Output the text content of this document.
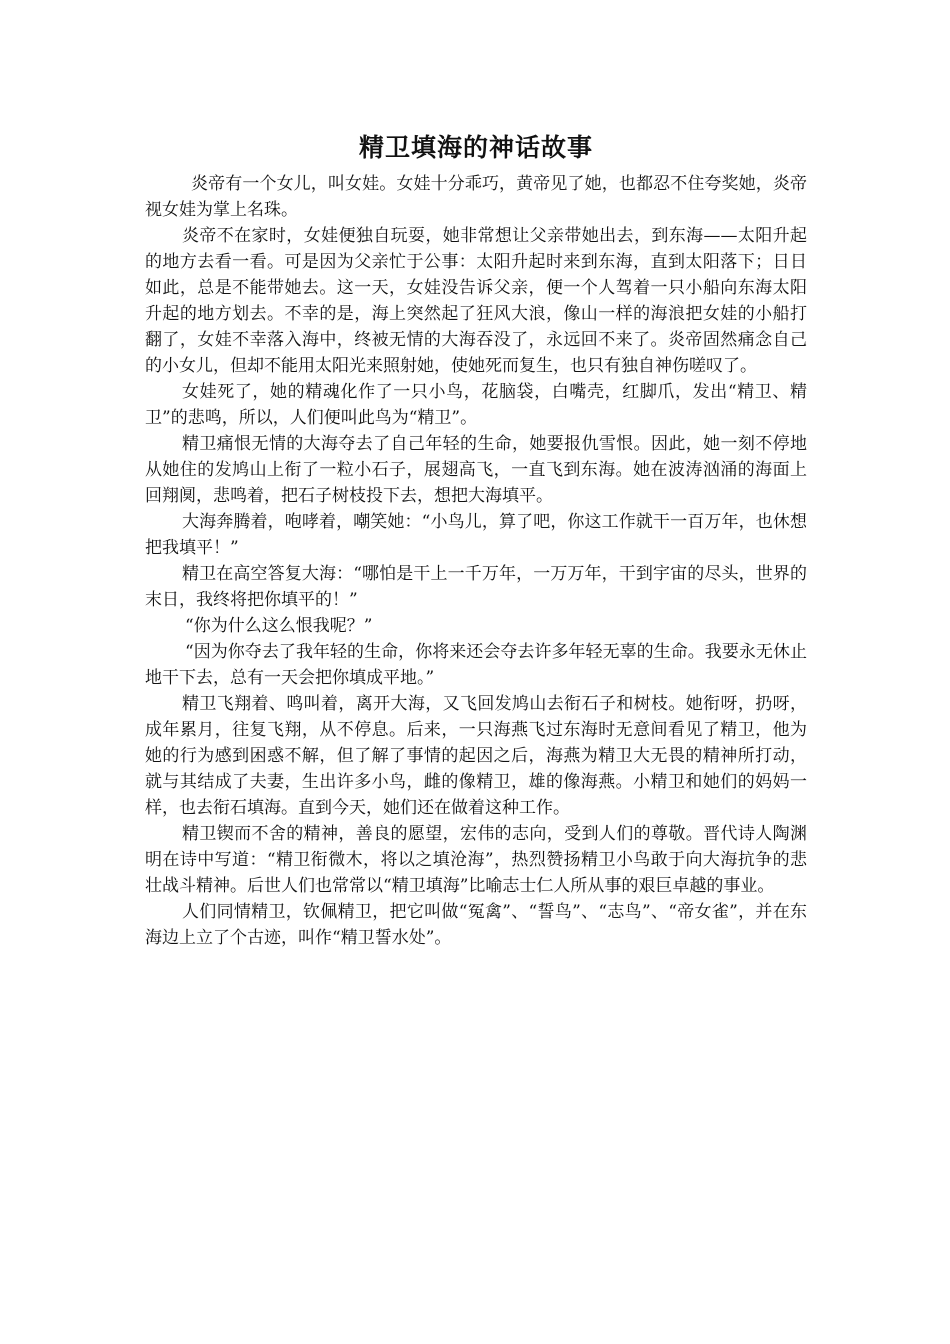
精卫填海的神话故事

炎帝有一个女儿，叫女娃。女娃十分乖巧，黄帝见了她，也都忍不住夸奖她，炎帝视女娃为掌上名珠。

炎帝不在家时，女娃便独自玩耍，她非常想让父亲带她出去，到东海——太阳升起的地方去看一看。可是因为父亲忙于公事：太阳升起时来到东海，直到太阳落下；日日如此，总是不能带她去。这一天，女娃没告诉父亲，便一个人驾着一只小船向东海太阳升起的地方划去。不幸的是，海上突然起了狂风大浪，像山一样的海浪把女娃的小船打翻了，女娃不幸落入海中，终被无情的大海吞没了，永远回不来了。炎帝固然痛念自己的小女儿，但却不能用太阳光来照射她，使她死而复生，也只有独自神伤嗟叹了。

女娃死了，她的精魂化作了一只小鸟，花脑袋，白嘴壳，红脚爪，发出“精卫、精卫”的悲鸣，所以，人们便叫此鸟为“精卫”。

精卫痛恨无情的大海夺去了自己年轻的生命，她要报仇雪恨。因此，她一刻不停地从她住的发鸠山上衔了一粒小石子，展翅高飞，一直飞到东海。她在波涛汹涌的海面上回翔阒，悲鸣着，把石子树枝投下去，想把大海填平。

大海奔腾着，咆哮着，嘲笑她：“小鸟儿，算了吧，你这工作就干一百万年，也休想把我填平！”

精卫在高空答复大海：“哪怕是干上一千万年，一万万年，干到宇宙的尽头，世界的末日，我终将把你填平的！”

“你为什么这么恨我呢？”

“因为你夺去了我年轻的生命，你将来还会夺去许多年轻无辜的生命。我要永无休止地干下去，总有一天会把你填成平地。”

精卫飞翔着、鸣叫着，离开大海，又飞回发鸠山去衔石子和树枝。她衔呀，扔呀，成年累月，往复飞翔，从不停息。后来，一只海燕飞过东海时无意间看见了精卫，他为她的行为感到困惑不解，但了解了事情的起因之后，海燕为精卫大无畏的精神所打动，就与其结成了夫妻，生出许多小鸟，雌的像精卫，雄的像海燕。小精卫和她们的妈妈一样，也去衔石填海。直到今天，她们还在做着这种工作。

精卫锲而不舍的精神，善良的愿望，宏伟的志向，受到人们的尊敬。晋代诗人陶渊明在诗中写道：“精卫衔微木，将以之填沧海”，热烈赞扬精卫小鸟敢于向大海抗争的悲壮战斗精神。后世人们也常常以“精卫填海”比喻志士仁人所从事的艰巨卓越的事业。

人们同情精卫，钦佩精卫，把它叫做“冤禽”、“誓鸟”、“志鸟”、“帝女雀”，并在东海边上立了个古迹，叫作“精卫誓水处”。
